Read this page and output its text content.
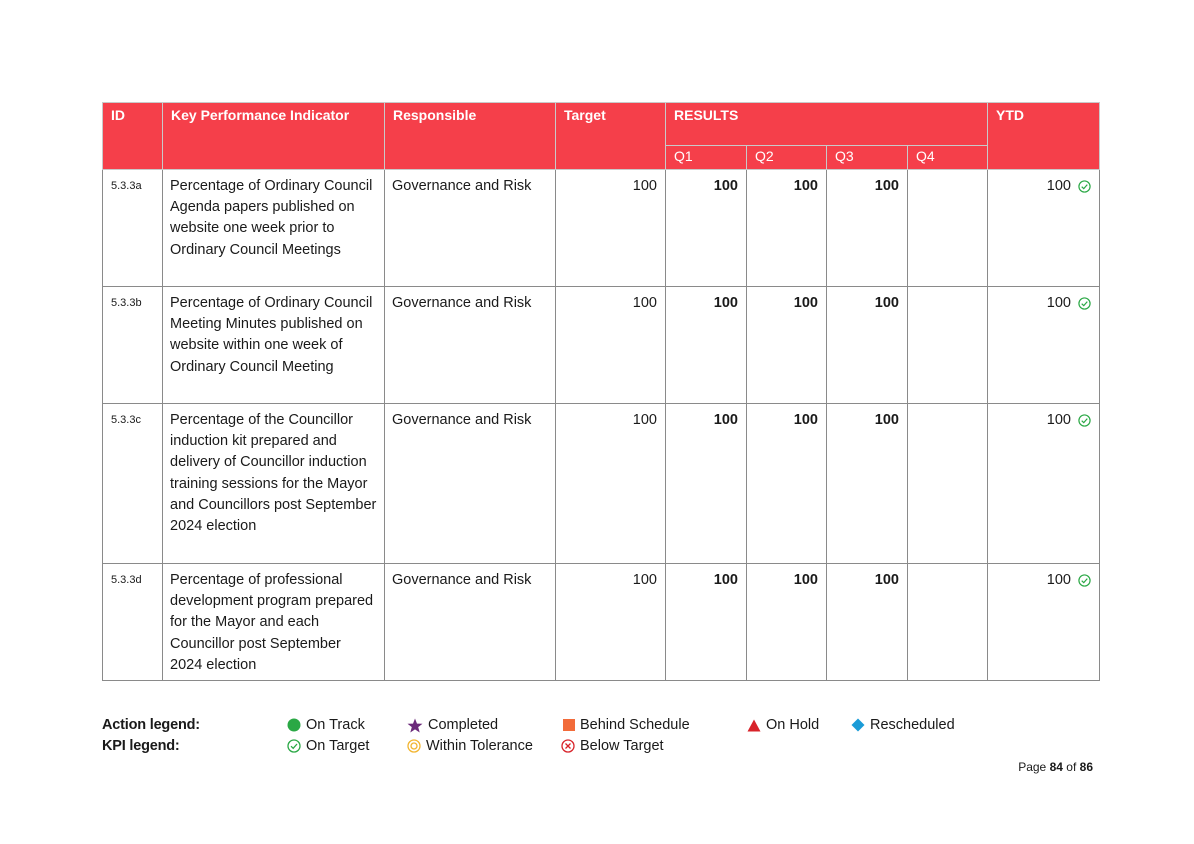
ID	Key Performance Indicator	Responsible	Target	RESULTS				YTD
				Q1	Q2	Q3	Q4	
5.3.3a	Percentage of Ordinary Council Agenda papers published on website one week prior to Ordinary Council Meetings	Governance and Risk	100	100	100	100		100

5.3.3b	Percentage of Ordinary Council Meeting Minutes published on website within one week of Ordinary Council Meeting	Governance and Risk	100	100	100	100		100

5.3.3c	Percentage of the Councillor induction kit prepared and delivery of Councillor induction training sessions for the Mayor and Councillors post September 2024 election	Governance and Risk	100	100	100	100		100

5.3.3d	Percentage of professional development program prepared for the Mayor and each Councillor post September 2024 election	Governance and Risk	100	100	100	100		100
Action legend:	On Track	Completed	Behind Schedule	On Hold	Rescheduled
KPI legend:	On Target	Within Tolerance	Below Target
Page 84 of 86
